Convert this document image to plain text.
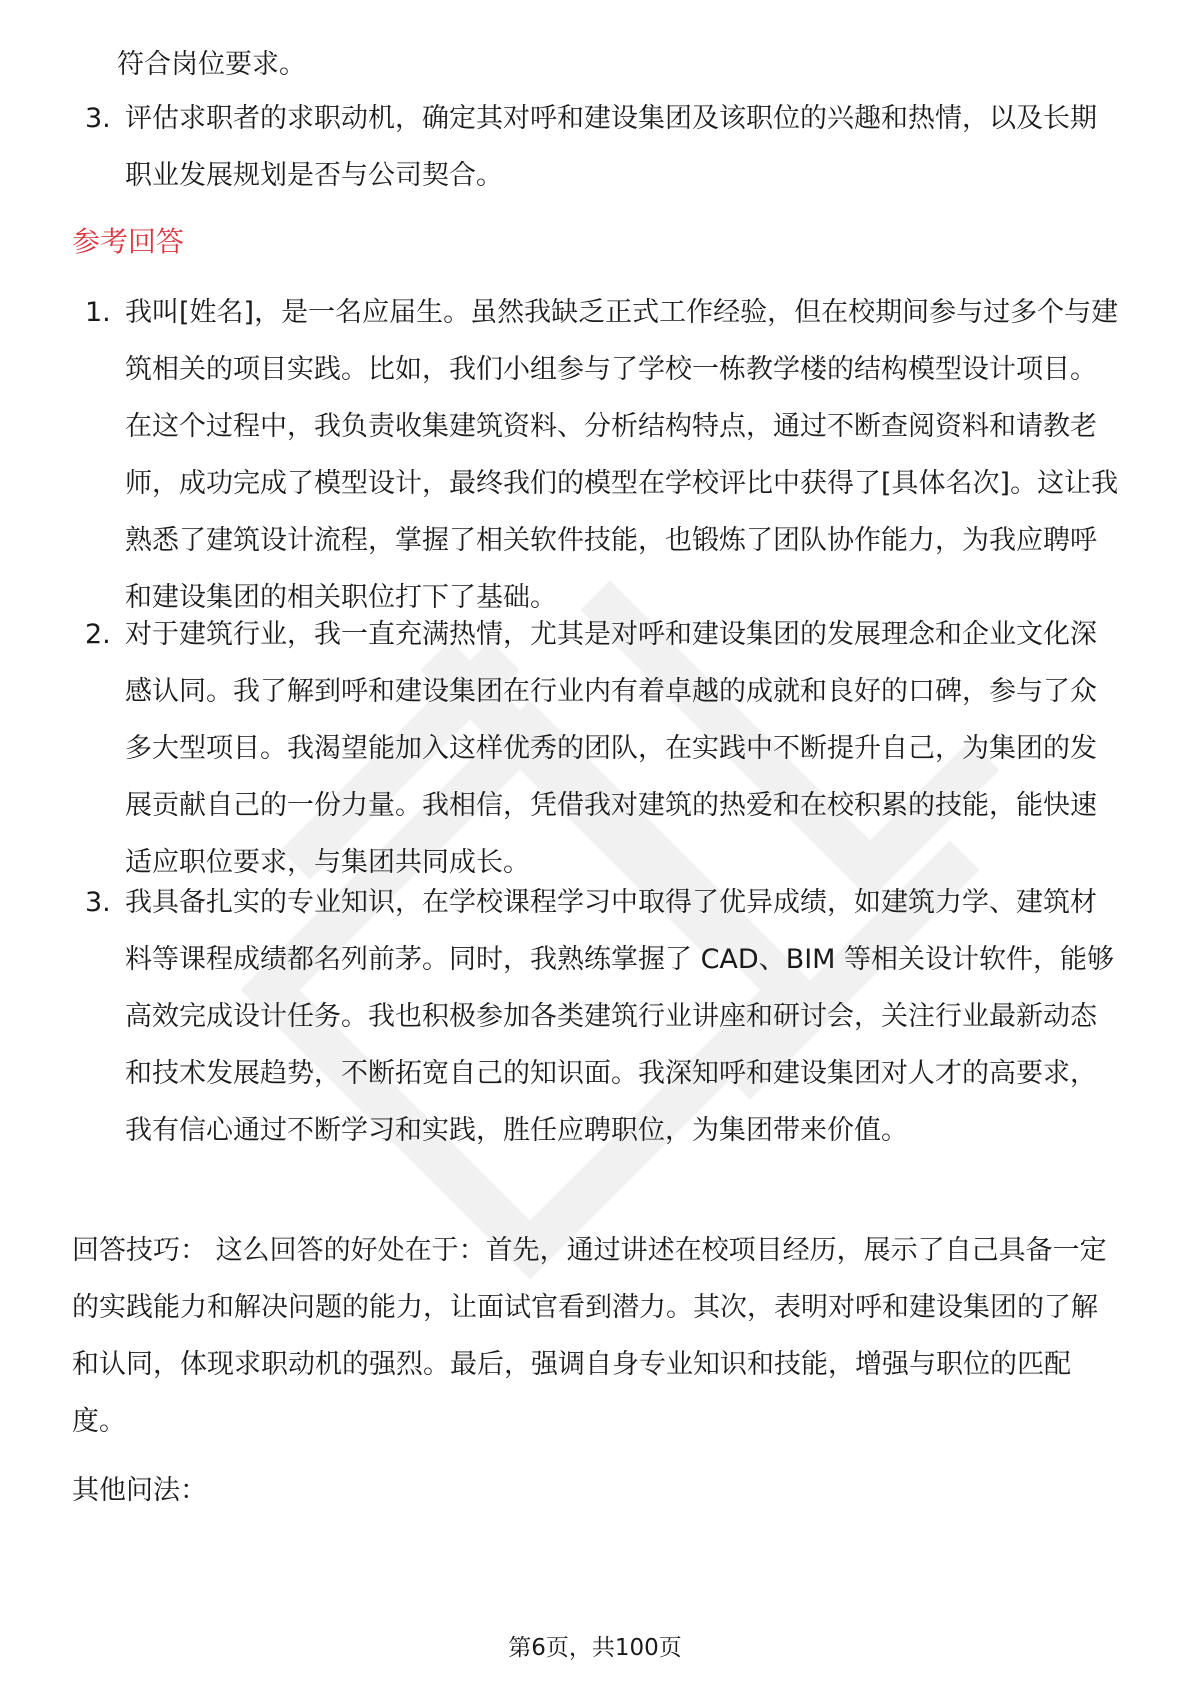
符合岗位要求。
3. 评估求职者的求职动机，确定其对呼和建设集团及该职位的兴趣和热情，以及长期职业发展规划是否与公司契合。
参考回答
1. 我叫[姓名]，是一名应届生。虽然我缺乏正式工作经验，但在校期间参与过多个与建筑相关的项目实践。比如，我们小组参与了学校一栋教学楼的结构模型设计项目。在这个过程中，我负责收集建筑资料、分析结构特点，通过不断查阅资料和请教老师，成功完成了模型设计，最终我们的模型在学校评比中获得了[具体名次]。这让我熟悉了建筑设计流程，掌握了相关软件技能，也锻炼了团队协作能力，为我应聘呼和建设集团的相关职位打下了基础。
2. 对于建筑行业，我一直充满热情，尤其是对呼和建设集团的发展理念和企业文化深感认同。我了解到呼和建设集团在行业内有着卓越的成就和良好的口碑，参与了众多大型项目。我渴望能加入这样优秀的团队，在实践中不断提升自己，为集团的发展贡献自己的一份力量。我相信，凭借我对建筑的热爱和在校积累的技能，能快速适应职位要求，与集团共同成长。
3. 我具备扎实的专业知识，在学校课程学习中取得了优异成绩，如建筑力学、建筑材料等课程成绩都名列前茅。同时，我熟练掌握了 CAD、BIM 等相关设计软件，能够高效完成设计任务。我也积极参加各类建筑行业讲座和研讨会，关注行业最新动态和技术发展趋势，不断拓宽自己的知识面。我深知呼和建设集团对人才的高要求，我有信心通过不断学习和实践，胜任应聘职位，为集团带来价值。
回答技巧： 这么回答的好处在于：首先，通过讲述在校项目经历，展示了自己具备一定的实践能力和解决问题的能力，让面试官看到潜力。其次，表明对呼和建设集团的了解和认同，体现求职动机的强烈。最后，强调自身专业知识和技能，增强与职位的匹配度。
其他问法：
第6页，共100页
